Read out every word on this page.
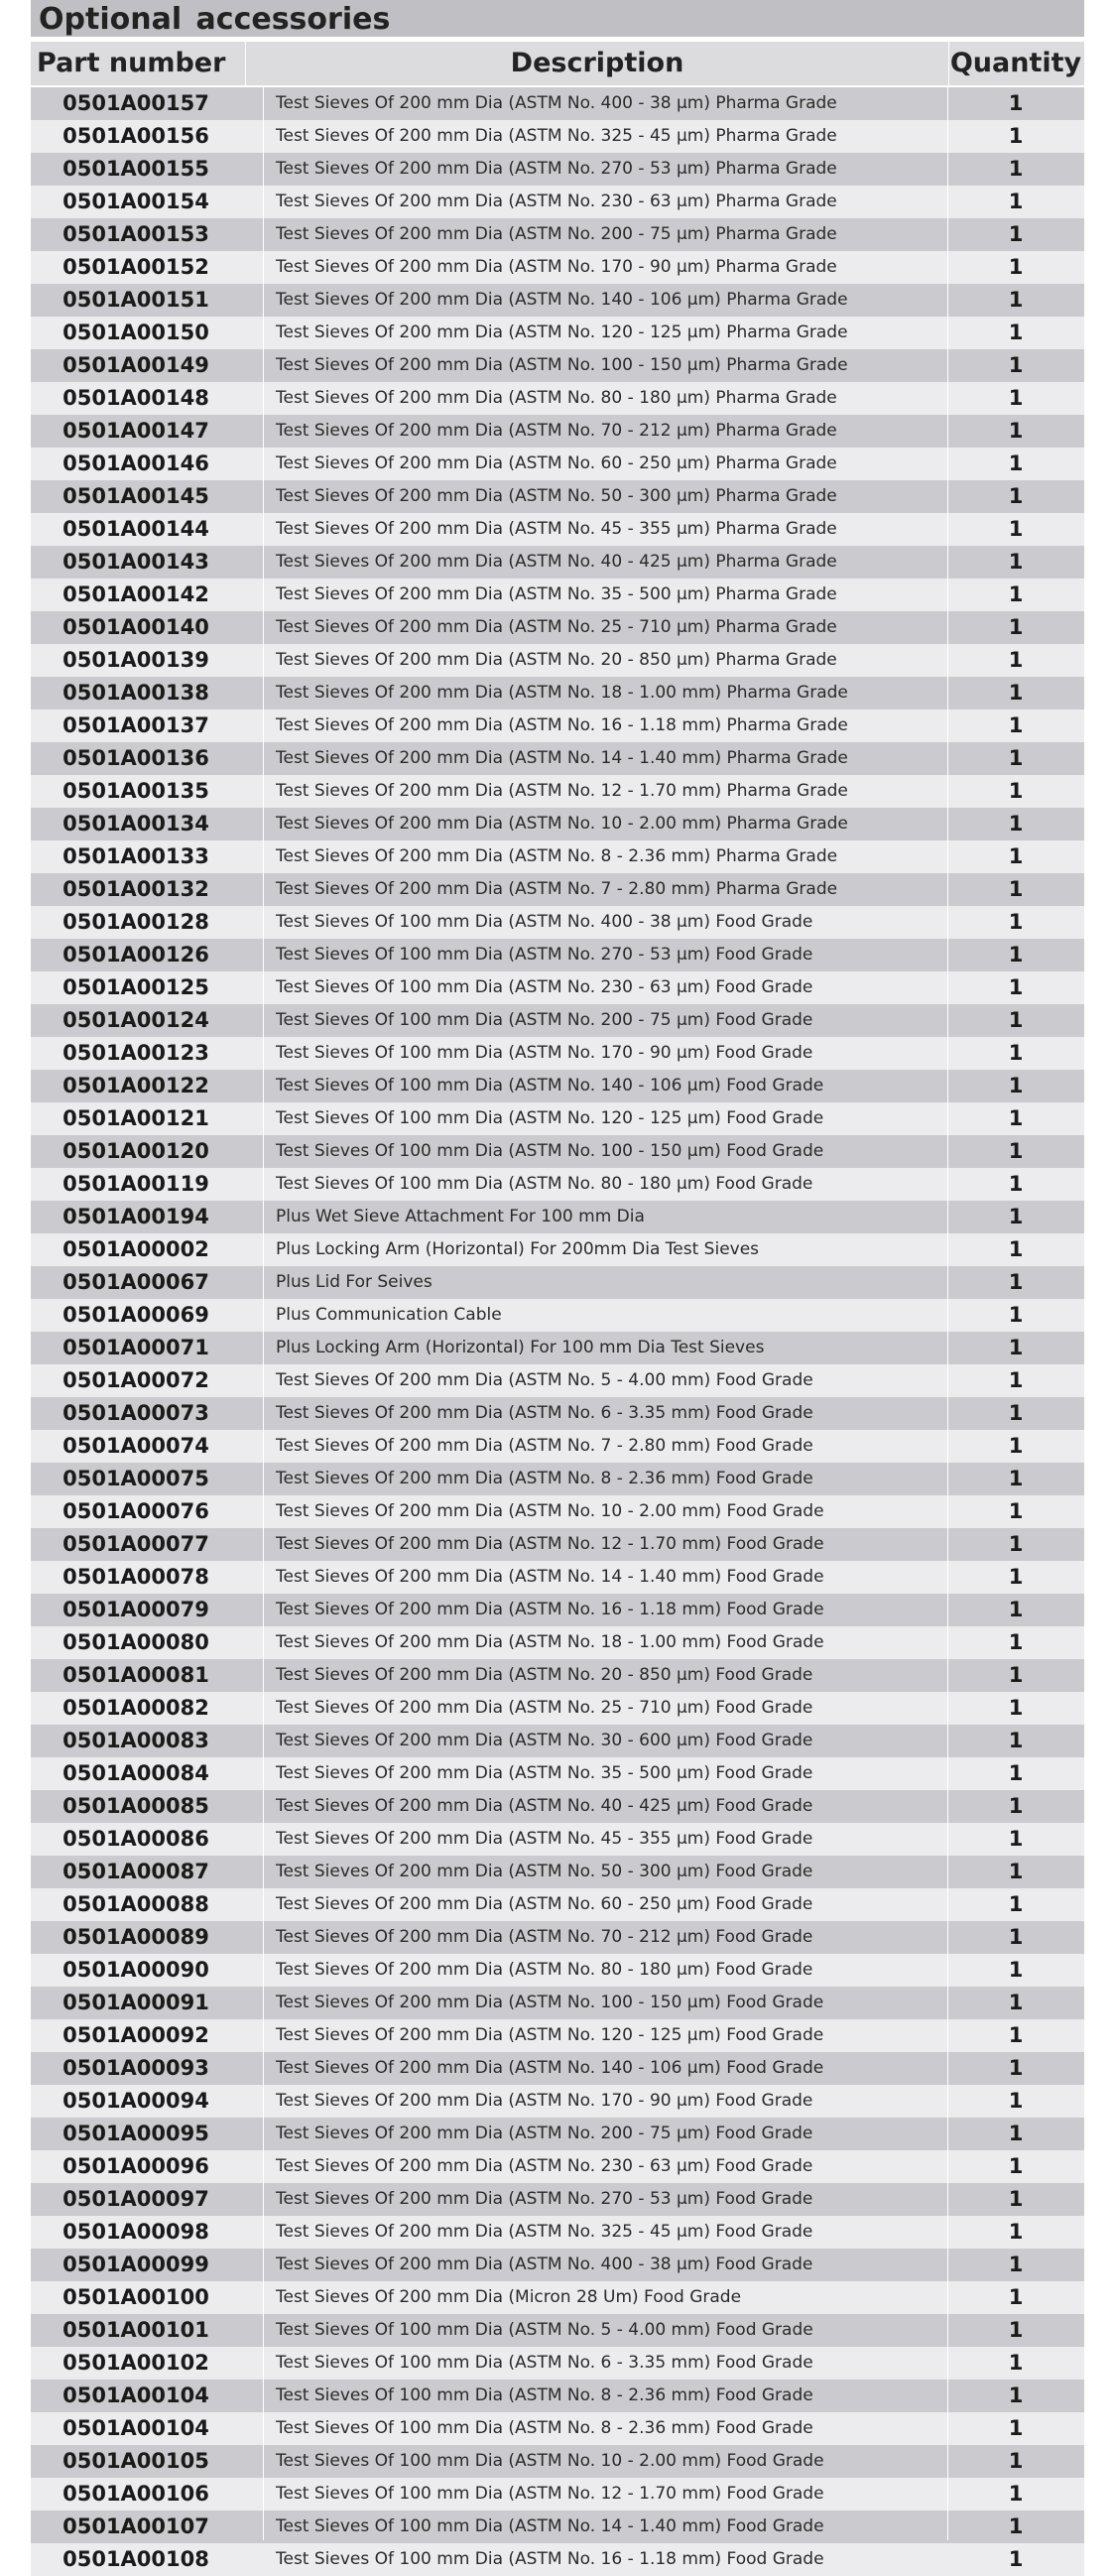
Optional accessories
Part number	Description	Quantity
0501A00157	Test Sieves Of 200 mm Dia (ASTM No. 400 - 38 µm) Pharma Grade	1
0501A00156	Test Sieves Of 200 mm Dia (ASTM No. 325 - 45 µm) Pharma Grade	1
0501A00155	Test Sieves Of 200 mm Dia (ASTM No. 270 - 53 µm) Pharma Grade	1
0501A00154	Test Sieves Of 200 mm Dia (ASTM No. 230 - 63 µm) Pharma Grade	1
0501A00153	Test Sieves Of 200 mm Dia (ASTM No. 200 - 75 µm) Pharma Grade	1
0501A00152	Test Sieves Of 200 mm Dia (ASTM No. 170 - 90 µm) Pharma Grade	1
0501A00151	Test Sieves Of 200 mm Dia (ASTM No. 140 - 106 µm) Pharma Grade	1
0501A00150	Test Sieves Of 200 mm Dia (ASTM No. 120 - 125 µm) Pharma Grade	1
0501A00149	Test Sieves Of 200 mm Dia (ASTM No. 100 - 150 µm) Pharma Grade	1
0501A00148	Test Sieves Of 200 mm Dia (ASTM No. 80 - 180 µm) Pharma Grade	1
0501A00147	Test Sieves Of 200 mm Dia (ASTM No. 70 - 212 µm) Pharma Grade	1
0501A00146	Test Sieves Of 200 mm Dia (ASTM No. 60 - 250 µm) Pharma Grade	1
0501A00145	Test Sieves Of 200 mm Dia (ASTM No. 50 - 300 µm) Pharma Grade	1
0501A00144	Test Sieves Of 200 mm Dia (ASTM No. 45 - 355 µm) Pharma Grade	1
0501A00143	Test Sieves Of 200 mm Dia (ASTM No. 40 - 425 µm) Pharma Grade	1
0501A00142	Test Sieves Of 200 mm Dia (ASTM No. 35 - 500 µm) Pharma Grade	1
0501A00140	Test Sieves Of 200 mm Dia (ASTM No. 25 - 710 µm) Pharma Grade	1
0501A00139	Test Sieves Of 200 mm Dia (ASTM No. 20 - 850 µm) Pharma Grade	1
0501A00138	Test Sieves Of 200 mm Dia (ASTM No. 18 - 1.00 mm) Pharma Grade	1
0501A00137	Test Sieves Of 200 mm Dia (ASTM No. 16 - 1.18 mm) Pharma Grade	1
0501A00136	Test Sieves Of 200 mm Dia (ASTM No. 14 - 1.40 mm) Pharma Grade	1
0501A00135	Test Sieves Of 200 mm Dia (ASTM No. 12 - 1.70 mm) Pharma Grade	1
0501A00134	Test Sieves Of 200 mm Dia (ASTM No. 10 - 2.00 mm) Pharma Grade	1
0501A00133	Test Sieves Of 200 mm Dia (ASTM No. 8 - 2.36 mm) Pharma Grade	1
0501A00132	Test Sieves Of 200 mm Dia (ASTM No. 7 - 2.80 mm) Pharma Grade	1
0501A00128	Test Sieves Of 100 mm Dia (ASTM No. 400 - 38 µm) Food Grade	1
0501A00126	Test Sieves Of 100 mm Dia (ASTM No. 270 - 53 µm) Food Grade	1
0501A00125	Test Sieves Of 100 mm Dia (ASTM No. 230 - 63 µm) Food Grade	1
0501A00124	Test Sieves Of 100 mm Dia (ASTM No. 200 - 75 µm) Food Grade	1
0501A00123	Test Sieves Of 100 mm Dia (ASTM No. 170 - 90 µm) Food Grade	1
0501A00122	Test Sieves Of 100 mm Dia (ASTM No. 140 - 106 µm) Food Grade	1
0501A00121	Test Sieves Of 100 mm Dia (ASTM No. 120 - 125 µm) Food Grade	1
0501A00120	Test Sieves Of 100 mm Dia (ASTM No. 100 - 150 µm) Food Grade	1
0501A00119	Test Sieves Of 100 mm Dia (ASTM No. 80 - 180 µm) Food Grade	1
0501A00194	Plus Wet Sieve Attachment For 100 mm Dia	1
0501A00002	Plus Locking Arm (Horizontal) For 200mm Dia Test Sieves	1
0501A00067	Plus Lid For Seives	1
0501A00069	Plus Communication Cable	1
0501A00071	Plus Locking Arm (Horizontal) For 100 mm Dia Test Sieves	1
0501A00072	Test Sieves Of 200 mm Dia (ASTM No. 5 - 4.00 mm) Food Grade	1
0501A00073	Test Sieves Of 200 mm Dia (ASTM No. 6 - 3.35 mm) Food Grade	1
0501A00074	Test Sieves Of 200 mm Dia (ASTM No. 7 - 2.80 mm) Food Grade	1
0501A00075	Test Sieves Of 200 mm Dia (ASTM No. 8 - 2.36 mm) Food Grade	1
0501A00076	Test Sieves Of 200 mm Dia (ASTM No. 10 - 2.00 mm) Food Grade	1
0501A00077	Test Sieves Of 200 mm Dia (ASTM No. 12 - 1.70 mm) Food Grade	1
0501A00078	Test Sieves Of 200 mm Dia (ASTM No. 14 - 1.40 mm) Food Grade	1
0501A00079	Test Sieves Of 200 mm Dia (ASTM No. 16 - 1.18 mm) Food Grade	1
0501A00080	Test Sieves Of 200 mm Dia (ASTM No. 18 - 1.00 mm) Food Grade	1
0501A00081	Test Sieves Of 200 mm Dia (ASTM No. 20 - 850 µm) Food Grade	1
0501A00082	Test Sieves Of 200 mm Dia (ASTM No. 25 - 710 µm) Food Grade	1
0501A00083	Test Sieves Of 200 mm Dia (ASTM No. 30 - 600 µm) Food Grade	1
0501A00084	Test Sieves Of 200 mm Dia (ASTM No. 35 - 500 µm) Food Grade	1
0501A00085	Test Sieves Of 200 mm Dia (ASTM No. 40 - 425 µm) Food Grade	1
0501A00086	Test Sieves Of 200 mm Dia (ASTM No. 45 - 355 µm) Food Grade	1
0501A00087	Test Sieves Of 200 mm Dia (ASTM No. 50 - 300 µm) Food Grade	1
0501A00088	Test Sieves Of 200 mm Dia (ASTM No. 60 - 250 µm) Food Grade	1
0501A00089	Test Sieves Of 200 mm Dia (ASTM No. 70 - 212 µm) Food Grade	1
0501A00090	Test Sieves Of 200 mm Dia (ASTM No. 80 - 180 µm) Food Grade	1
0501A00091	Test Sieves Of 200 mm Dia (ASTM No. 100 - 150 µm) Food Grade	1
0501A00092	Test Sieves Of 200 mm Dia (ASTM No. 120 - 125 µm) Food Grade	1
0501A00093	Test Sieves Of 200 mm Dia (ASTM No. 140 - 106 µm) Food Grade	1
0501A00094	Test Sieves Of 200 mm Dia (ASTM No. 170 - 90 µm) Food Grade	1
0501A00095	Test Sieves Of 200 mm Dia (ASTM No. 200 - 75 µm) Food Grade	1
0501A00096	Test Sieves Of 200 mm Dia (ASTM No. 230 - 63 µm) Food Grade	1
0501A00097	Test Sieves Of 200 mm Dia (ASTM No. 270 - 53 µm) Food Grade	1
0501A00098	Test Sieves Of 200 mm Dia (ASTM No. 325 - 45 µm) Food Grade	1
0501A00099	Test Sieves Of 200 mm Dia (ASTM No. 400 - 38 µm) Food Grade	1
0501A00100	Test Sieves Of 200 mm Dia (Micron 28 Um) Food Grade	1
0501A00101	Test Sieves Of 100 mm Dia (ASTM No. 5 - 4.00 mm) Food Grade	1
0501A00102	Test Sieves Of 100 mm Dia (ASTM No. 6 - 3.35 mm) Food Grade	1
0501A00104	Test Sieves Of 100 mm Dia (ASTM No. 8 - 2.36 mm) Food Grade	1
0501A00104	Test Sieves Of 100 mm Dia (ASTM No. 8 - 2.36 mm) Food Grade	1
0501A00105	Test Sieves Of 100 mm Dia (ASTM No. 10 - 2.00 mm) Food Grade	1
0501A00106	Test Sieves Of 100 mm Dia (ASTM No. 12 - 1.70 mm) Food Grade	1
0501A00107	Test Sieves Of 100 mm Dia (ASTM No. 14 - 1.40 mm) Food Grade	1
0501A00108	Test Sieves Of 100 mm Dia (ASTM No. 16 - 1.18 mm) Food Grade	1
